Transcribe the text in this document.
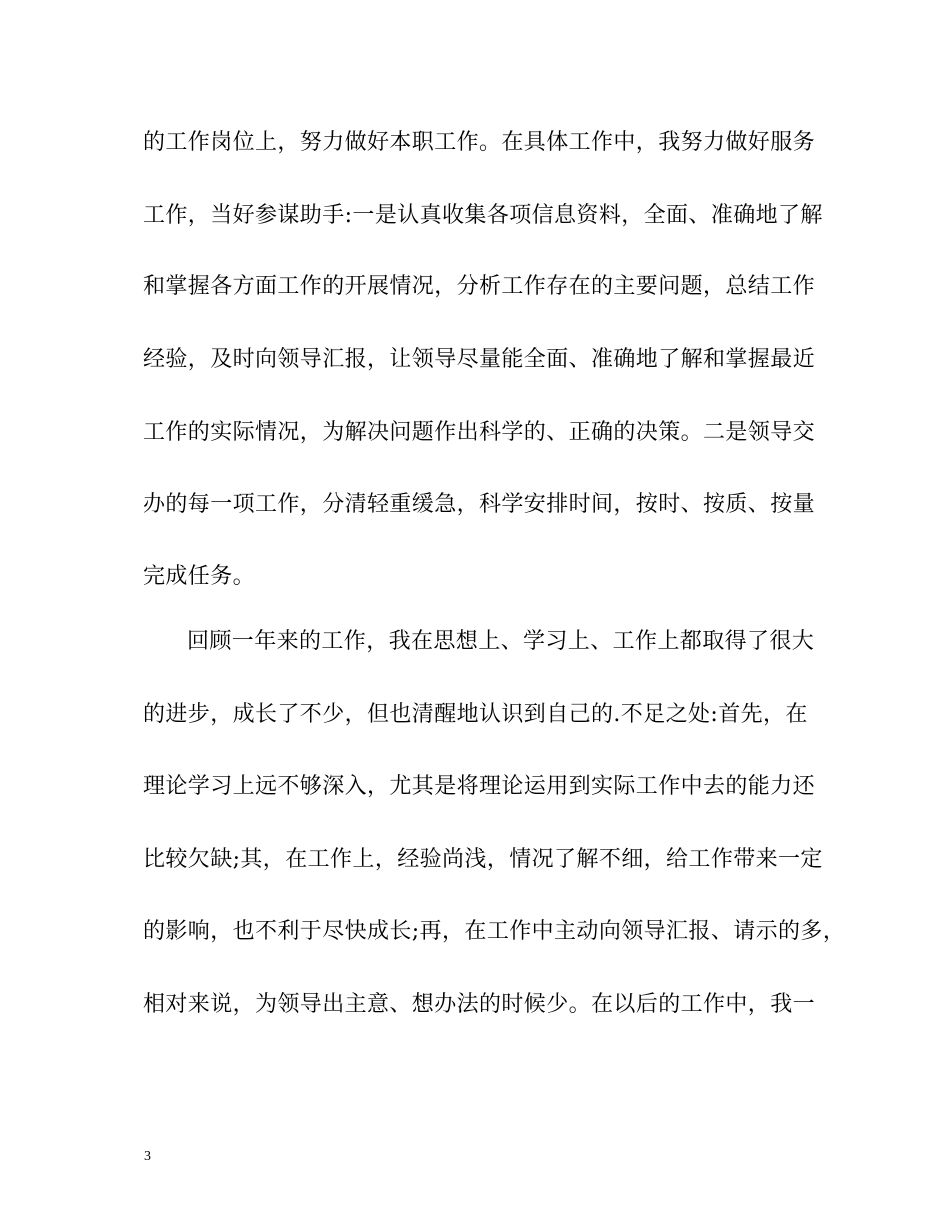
的工作岗位上，努力做好本职工作。在具体工作中，我努力做好服务
工作，当好参谋助手:一是认真收集各项信息资料，全面、准确地了解
和掌握各方面工作的开展情况，分析工作存在的主要问题，总结工作
经验，及时向领导汇报，让领导尽量能全面、准确地了解和掌握最近
工作的实际情况，为解决问题作出科学的、正确的决策。二是领导交
办的每一项工作，分清轻重缓急，科学安排时间，按时、按质、按量
完成任务。
回顾一年来的工作，我在思想上、学习上、工作上都取得了很大
的进步，成长了不少，但也清醒地认识到自己的.不足之处:首先，在
理论学习上远不够深入，尤其是将理论运用到实际工作中去的能力还
比较欠缺;其，在工作上，经验尚浅，情况了解不细，给工作带来一定
的影响，也不利于尽快成长;再，在工作中主动向领导汇报、请示的多，
相对来说，为领导出主意、想办法的时候少。在以后的工作中，我一
3
